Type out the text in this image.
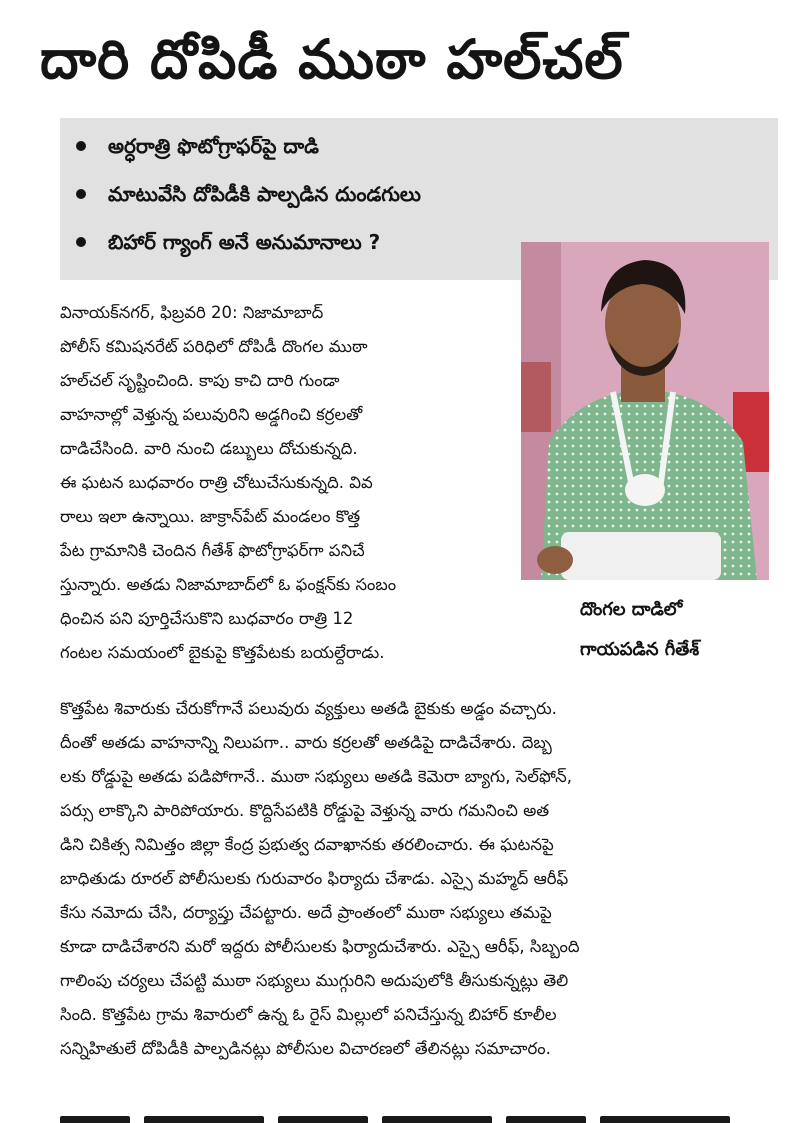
దారి దోపిడీ ముఠా హల్‌చల్
అర్ధరాత్రి ఫొటోగ్రాఫర్‌పై దాడి
మాటువేసి దోపిడీకి పాల్పడిన దుండగులు
బిహార్ గ్యాంగ్ అనే అనుమానాలు ?
దొంగల దాడిలో
గాయపడిన గీతేశ్
వినాయక్‌నగర్, ఫిబ్రవరి 20: నిజామాబాద్
పోలీస్ కమిషనరేట్ పరిధిలో దోపిడీ దొంగల ముఠా
హల్‌చల్ సృష్టించింది. కాపు కాచి దారి గుండా
వాహనాల్లో వెళ్తున్న పలువురిని అడ్డగించి కర్రలతో
దాడిచేసింది. వారి నుంచి డబ్బులు దోచుకున్నది.
ఈ ఘటన బుధవారం రాత్రి చోటుచేసుకున్నది. వివ
రాలు ఇలా ఉన్నాయి. జాక్రాన్‌పేట్ మండలం కొత్త
పేట గ్రామానికి చెందిన గీతేశ్ ఫొటోగ్రాఫర్‌గా పనిచే
స్తున్నారు. అతడు నిజామాబాద్‌లో ఓ ఫంక్షన్‌కు సంబం
ధించిన పని పూర్తిచేసుకొని బుధవారం రాత్రి 12
గంటల సమయంలో బైకుపై కొత్తపేటకు బయల్దేరాడు.
కొత్తపేట శివారుకు చేరుకోగానే పలువురు వ్యక్తులు అతడి బైకుకు అడ్డం వచ్చారు.
దీంతో అతడు వాహనాన్ని నిలుపగా.. వారు కర్రలతో అతడిపై దాడిచేశారు. దెబ్బ
లకు రోడ్డుపై అతడు పడిపోగానే.. ముఠా సభ్యులు అతడి కెమెరా బ్యాగు, సెల్‌ఫోన్,
పర్సు లాక్కొని పారిపోయారు. కొద్దిసేపటికి రోడ్డుపై వెళ్తున్న వారు గమనించి అత
డిని చికిత్స నిమిత్తం జిల్లా కేంద్ర ప్రభుత్వ దవాఖానకు తరలించారు. ఈ ఘటనపై
బాధితుడు రూరల్ పోలీసులకు గురువారం ఫిర్యాదు చేశాడు. ఎస్సై మహ్మద్ ఆరీఫ్
కేసు నమోదు చేసి, దర్యాప్తు చేపట్టారు. అదే ప్రాంతంలో ముఠా సభ్యులు తమపై
కూడా దాడిచేశారని మరో ఇద్దరు పోలీసులకు ఫిర్యాదుచేశారు. ఎస్సై ఆరీఫ్, సిబ్బంది
గాలింపు చర్యలు చేపట్టి ముఠా సభ్యులు ముగ్గురిని అదుపులోకి తీసుకున్నట్లు తెలి
సింది. కొత్తపేట గ్రామ శివారులో ఉన్న ఓ రైస్ మిల్లులో పనిచేస్తున్న బిహార్ కూలీల
సన్నిహితులే దోపిడీకి పాల్పడినట్లు పోలీసుల విచారణలో తేలినట్లు సమాచారం.
